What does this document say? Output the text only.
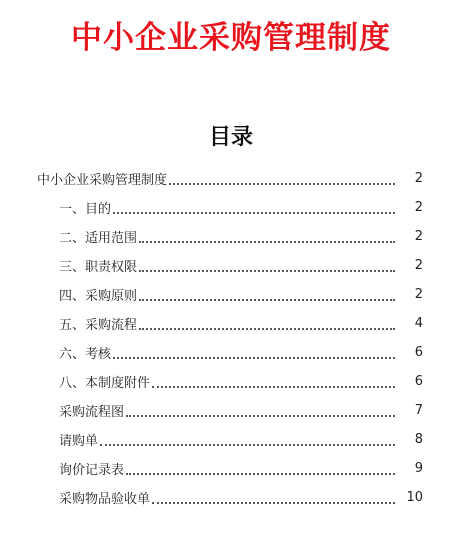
中小企业采购管理制度
目录
中小企业采购管理制度	2
一、目的	2
二、适用范围	2
三、职责权限	2
四、采购原则	2
五、采购流程	4
六、考核	6
八、本制度附件	6
采购流程图	7
请购单	8
询价记录表	9
采购物品验收单	10
